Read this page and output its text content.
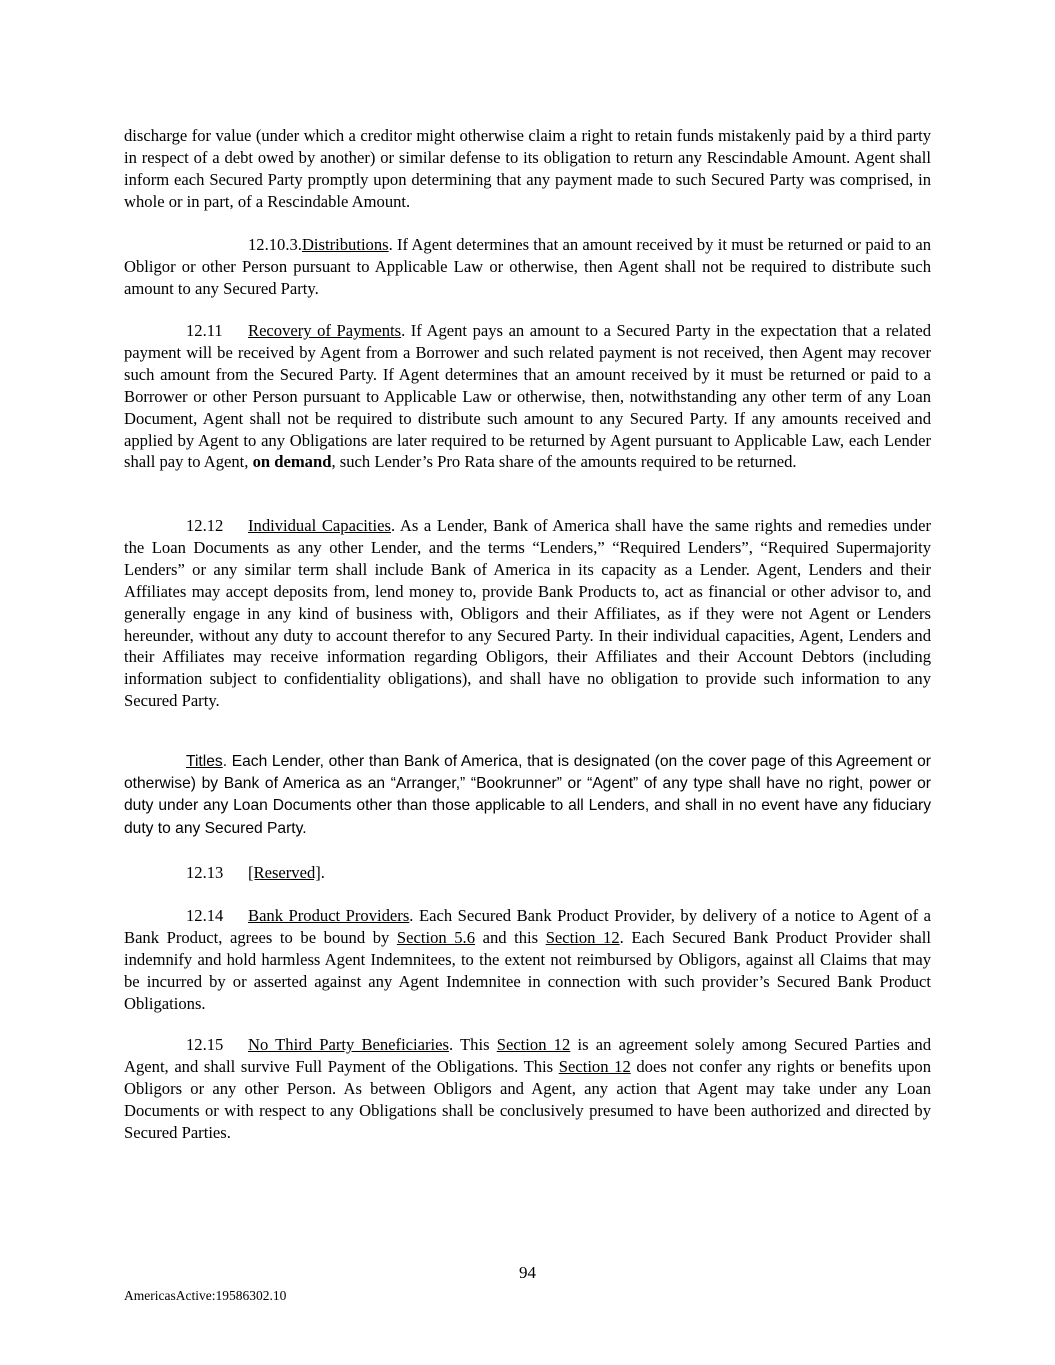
discharge for value (under which a creditor might otherwise claim a right to retain funds mistakenly paid by a third party in respect of a debt owed by another) or similar defense to its obligation to return any Rescindable Amount. Agent shall inform each Secured Party promptly upon determining that any payment made to such Secured Party was comprised, in whole or in part, of a Rescindable Amount.

12.10.3.Distributions. If Agent determines that an amount received by it must be returned or paid to an Obligor or other Person pursuant to Applicable Law or otherwise, then Agent shall not be required to distribute such amount to any Secured Party.

12.11 Recovery of Payments. If Agent pays an amount to a Secured Party in the expectation that a related payment will be received by Agent from a Borrower and such related payment is not received, then Agent may recover such amount from the Secured Party. If Agent determines that an amount received by it must be returned or paid to a Borrower or other Person pursuant to Applicable Law or otherwise, then, notwithstanding any other term of any Loan Document, Agent shall not be required to distribute such amount to any Secured Party. If any amounts received and applied by Agent to any Obligations are later required to be returned by Agent pursuant to Applicable Law, each Lender shall pay to Agent, on demand, such Lender’s Pro Rata share of the amounts required to be returned.

12.12 Individual Capacities. As a Lender, Bank of America shall have the same rights and remedies under the Loan Documents as any other Lender, and the terms “Lenders,” “Required Lenders”, “Required Supermajority Lenders” or any similar term shall include Bank of America in its capacity as a Lender. Agent, Lenders and their Affiliates may accept deposits from, lend money to, provide Bank Products to, act as financial or other advisor to, and generally engage in any kind of business with, Obligors and their Affiliates, as if they were not Agent or Lenders hereunder, without any duty to account therefor to any Secured Party. In their individual capacities, Agent, Lenders and their Affiliates may receive information regarding Obligors, their Affiliates and their Account Debtors (including information subject to confidentiality obligations), and shall have no obligation to provide such information to any Secured Party.

Titles. Each Lender, other than Bank of America, that is designated (on the cover page of this Agreement or otherwise) by Bank of America as an “Arranger,” “Bookrunner” or “Agent” of any type shall have no right, power or duty under any Loan Documents other than those applicable to all Lenders, and shall in no event have any fiduciary duty to any Secured Party.

12.13 [Reserved].

12.14 Bank Product Providers. Each Secured Bank Product Provider, by delivery of a notice to Agent of a Bank Product, agrees to be bound by Section 5.6 and this Section 12. Each Secured Bank Product Provider shall indemnify and hold harmless Agent Indemnitees, to the extent not reimbursed by Obligors, against all Claims that may be incurred by or asserted against any Agent Indemnitee in connection with such provider’s Secured Bank Product Obligations.

12.15 No Third Party Beneficiaries. This Section 12 is an agreement solely among Secured Parties and Agent, and shall survive Full Payment of the Obligations. This Section 12 does not confer any rights or benefits upon Obligors or any other Person. As between Obligors and Agent, any action that Agent may take under any Loan Documents or with respect to any Obligations shall be conclusively presumed to have been authorized and directed by Secured Parties.

94
AmericasActive:19586302.10
